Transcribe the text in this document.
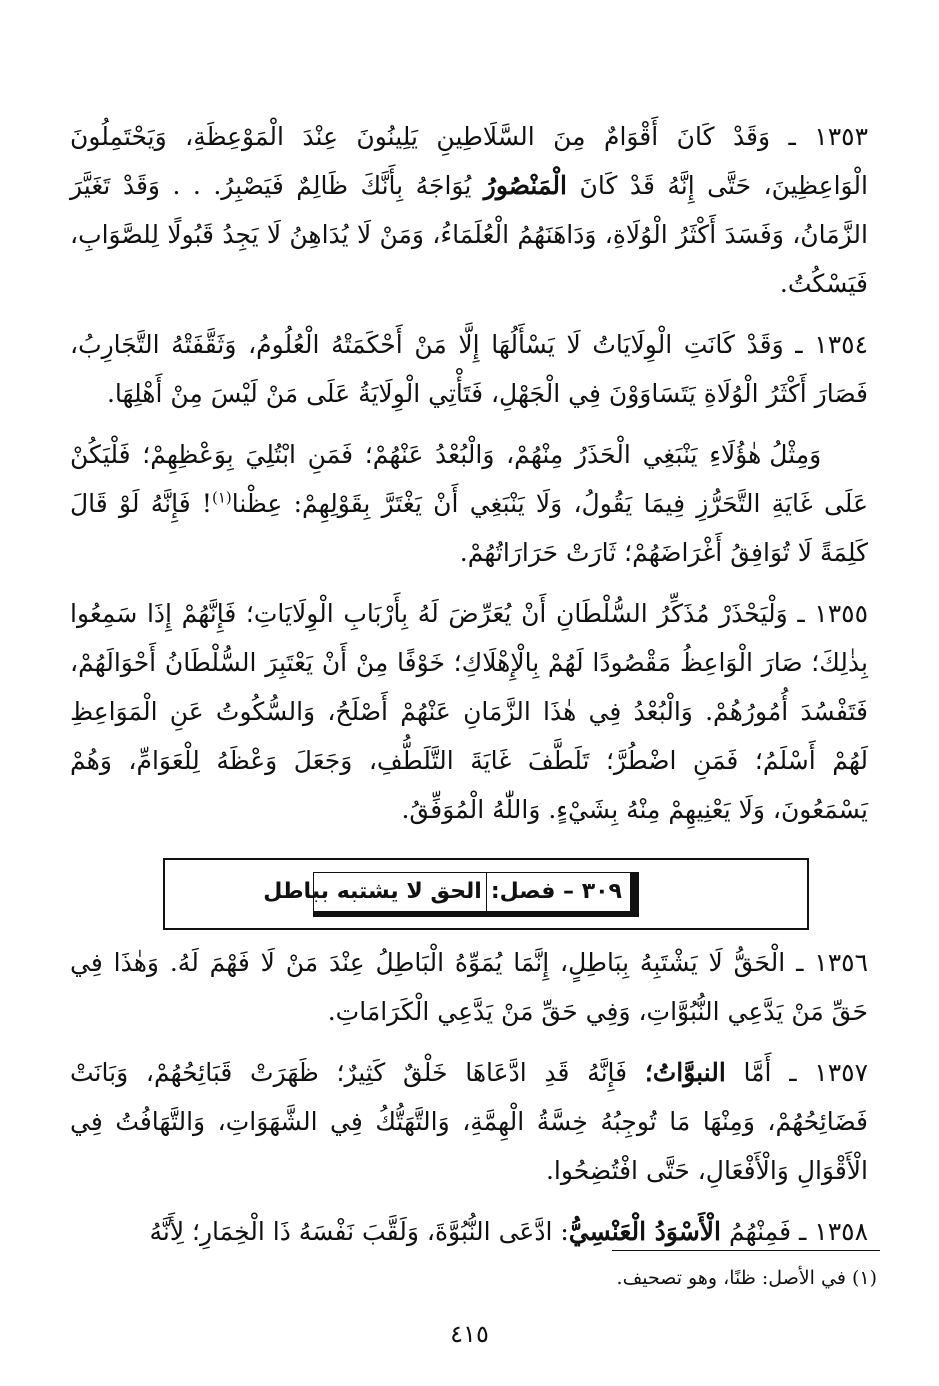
١٣٥٣ ـ وَقَدْ كَانَ أَقْوَامٌ مِنَ السَّلَاطِينِ يَلِينُونَ عِنْدَ الْمَوْعِظَةِ، وَيَحْتَمِلُونَ الْوَاعِظِينَ، حَتَّى إِنَّهُ قَدْ كَانَ الْمَنْصُورُ يُوَاجَهُ بِأَنَّكَ ظَالِمٌ فَيَصْبِرُ. . . وَقَدْ تَغَيَّرَ الزَّمَانُ، وَفَسَدَ أَكْثَرُ الْوُلَاةِ، وَدَاهَنَهُمُ الْعُلَمَاءُ، وَمَنْ لَا يُدَاهِنُ لَا يَجِدُ قَبُولًا لِلصَّوَابِ، فَيَسْكُتُ.

١٣٥٤ ـ وَقَدْ كَانَتِ الْوِلَايَاتُ لَا يَسْأَلُهَا إِلَّا مَنْ أَحْكَمَتْهُ الْعُلُومُ، وَثَقَّفَتْهُ التَّجَارِبُ، فَصَارَ أَكْثَرُ الْوُلَاةِ يَتَسَاوَوْنَ فِي الْجَهْلِ، فَتَأْتِي الْوِلَايَةُ عَلَى مَنْ لَيْسَ مِنْ أَهْلِهَا.

وَمِثْلُ هٰؤُلَاءِ يَنْبَغِي الْحَذَرُ مِنْهُمْ، وَالْبُعْدُ عَنْهُمْ؛ فَمَنِ ابْتُلِيَ بِوَعْظِهِمْ؛ فَلْيَكُنْ عَلَى غَايَةِ التَّحَرُّزِ فِيمَا يَقُولُ، وَلَا يَنْبَغِي أَنْ يَغْتَرَّ بِقَوْلِهِمْ: عِظْنا$^{(١)}$! فَإِنَّهُ لَوْ قَالَ كَلِمَةً لَا تُوَافِقُ أَغْرَاضَهُمْ؛ ثَارَتْ حَرَارَاتُهُمْ.

١٣٥٥ ـ وَلْيَحْذَرْ مُذَكِّرُ السُّلْطَانِ أَنْ يُعَرِّضَ لَهُ بِأَرْبَابِ الْوِلَايَاتِ؛ فَإِنَّهُمْ إِذَا سَمِعُوا بِذٰلِكَ؛ صَارَ الْوَاعِظُ مَقْصُودًا لَهُمْ بِالْإِهْلَاكِ؛ خَوْفًا مِنْ أَنْ يَعْتَبِرَ السُّلْطَانُ أَحْوَالَهُمْ، فَتَفْسُدَ أُمُورُهُمْ. وَالْبُعْدُ فِي هٰذَا الزَّمَانِ عَنْهُمْ أَصْلَحُ، وَالسُّكُوتُ عَنِ الْمَوَاعِظِ لَهُمْ أَسْلَمُ؛ فَمَنِ اضْطُرَّ؛ تَلَطَّفَ غَايَةَ التَّلَطُّفِ، وَجَعَلَ وَعْظَهُ لِلْعَوَامِّ، وَهُمْ يَسْمَعُونَ، وَلَا يَعْنِيهِمْ مِنْهُ بِشَيْءٍ. وَاللّٰهُ الْمُوَفِّقُ.

٣٠٩ – فصل:الحق لا يشتبه بباطل

١٣٥٦ ـ الْحَقُّ لَا يَشْتَبِهُ بِبَاطِلٍ، إِنَّمَا يُمَوِّهُ الْبَاطِلُ عِنْدَ مَنْ لَا فَهْمَ لَهُ. وَهٰذَا فِي حَقِّ مَنْ يَدَّعِي النُّبُوَّاتِ، وَفِي حَقِّ مَنْ يَدَّعِي الْكَرَامَاتِ.

١٣٥٧ ـ أَمَّا النبوَّاتُ؛ فَإِنَّهُ قَدِ ادَّعَاهَا خَلْقٌ كَثِيرٌ؛ ظَهَرَتْ قَبَائِحُهُمْ، وَبَانَتْ فَضَائِحُهُمْ، وَمِنْهَا مَا تُوجِبُهُ خِسَّةُ الْهِمَّةِ، وَالتَّهَتُّكُ فِي الشَّهَوَاتِ، وَالتَّهَافُتُ فِي الْأَقْوَالِ وَالْأَفْعَالِ، حَتَّى افْتُضِحُوا.

١٣٥٨ ـ فَمِنْهُمُ الْأَسْوَدُ الْعَنْسِيُّ: ادَّعَى النُّبُوَّةَ، وَلَقَّبَ نَفْسَهُ ذَا الْخِمَارِ؛ لِأَنَّهُ

(١) في الأصل: ظنًا، وهو تصحيف.
٤١٥
